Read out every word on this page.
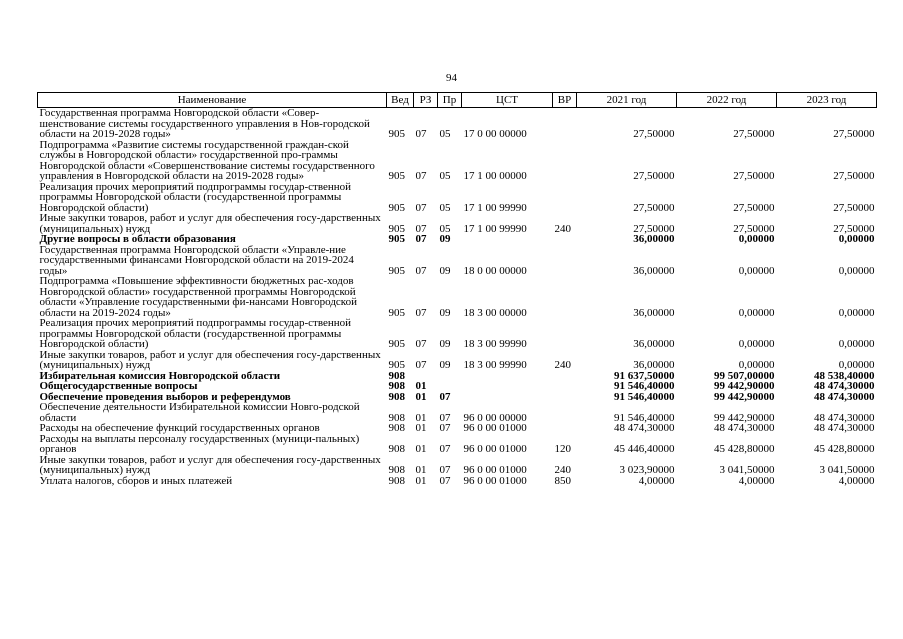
94
Наименование	Вед	РЗ	Пр	ЦСТ	ВР	2021 год	2022 год	2023 год
Государственная программа Новгородской области «Совер-шенствование системы государственного управления в Нов-городской области на 2019-2028 годы»	905	07	05	17 0 00 00000		27,50000	27,50000	27,50000
Подпрограмма «Развитие системы государственной граждан-ской службы в Новгородской области» государственной про-граммы Новгородской области «Совершенствование системы государственного управления в Новгородской области на 2019-2028 годы»	905	07	05	17 1 00 00000		27,50000	27,50000	27,50000
Реализация прочих мероприятий подпрограммы государ-ственной программы Новгородской области (государственной программы Новгородской области)	905	07	05	17 1 00 99990		27,50000	27,50000	27,50000
Иные закупки товаров, работ и услуг для обеспечения госу-дарственных (муниципальных) нужд	905	07	05	17 1 00 99990	240	27,50000	27,50000	27,50000
Другие вопросы в области образования	905	07	09			36,00000	0,00000	0,00000
Государственная программа Новгородской области «Управле-ние государственными финансами Новгородской области на 2019-2024 годы»	905	07	09	18 0 00 00000		36,00000	0,00000	0,00000
Подпрограмма «Повышение эффективности бюджетных рас-ходов Новгородской области» государственной программы Новгородской области «Управление государственными фи-нансами Новгородской области на 2019-2024 годы»	905	07	09	18 3 00 00000		36,00000	0,00000	0,00000
Реализация прочих мероприятий подпрограммы государ-ственной программы Новгородской области (государственной программы Новгородской области)	905	07	09	18 3 00 99990		36,00000	0,00000	0,00000
Иные закупки товаров, работ и услуг для обеспечения госу-дарственных (муниципальных) нужд	905	07	09	18 3 00 99990	240	36,00000	0,00000	0,00000
Избирательная комиссия Новгородской области	908					91 637,50000	99 507,00000	48 538,40000
Общегосударственные вопросы	908	01				91 546,40000	99 442,90000	48 474,30000
Обеспечение проведения выборов и референдумов	908	01	07			91 546,40000	99 442,90000	48 474,30000
Обеспечение деятельности Избирательной комиссии Новго-родской области	908	01	07	96 0 00 00000		91 546,40000	99 442,90000	48 474,30000
Расходы на обеспечение функций государственных органов	908	01	07	96 0 00 01000		48 474,30000	48 474,30000	48 474,30000
Расходы на выплаты персоналу государственных (муници-пальных) органов	908	01	07	96 0 00 01000	120	45 446,40000	45 428,80000	45 428,80000
Иные закупки товаров, работ и услуг для обеспечения госу-дарственных (муниципальных) нужд	908	01	07	96 0 00 01000	240	3 023,90000	3 041,50000	3 041,50000
Уплата налогов, сборов и иных платежей	908	01	07	96 0 00 01000	850	4,00000	4,00000	4,00000
